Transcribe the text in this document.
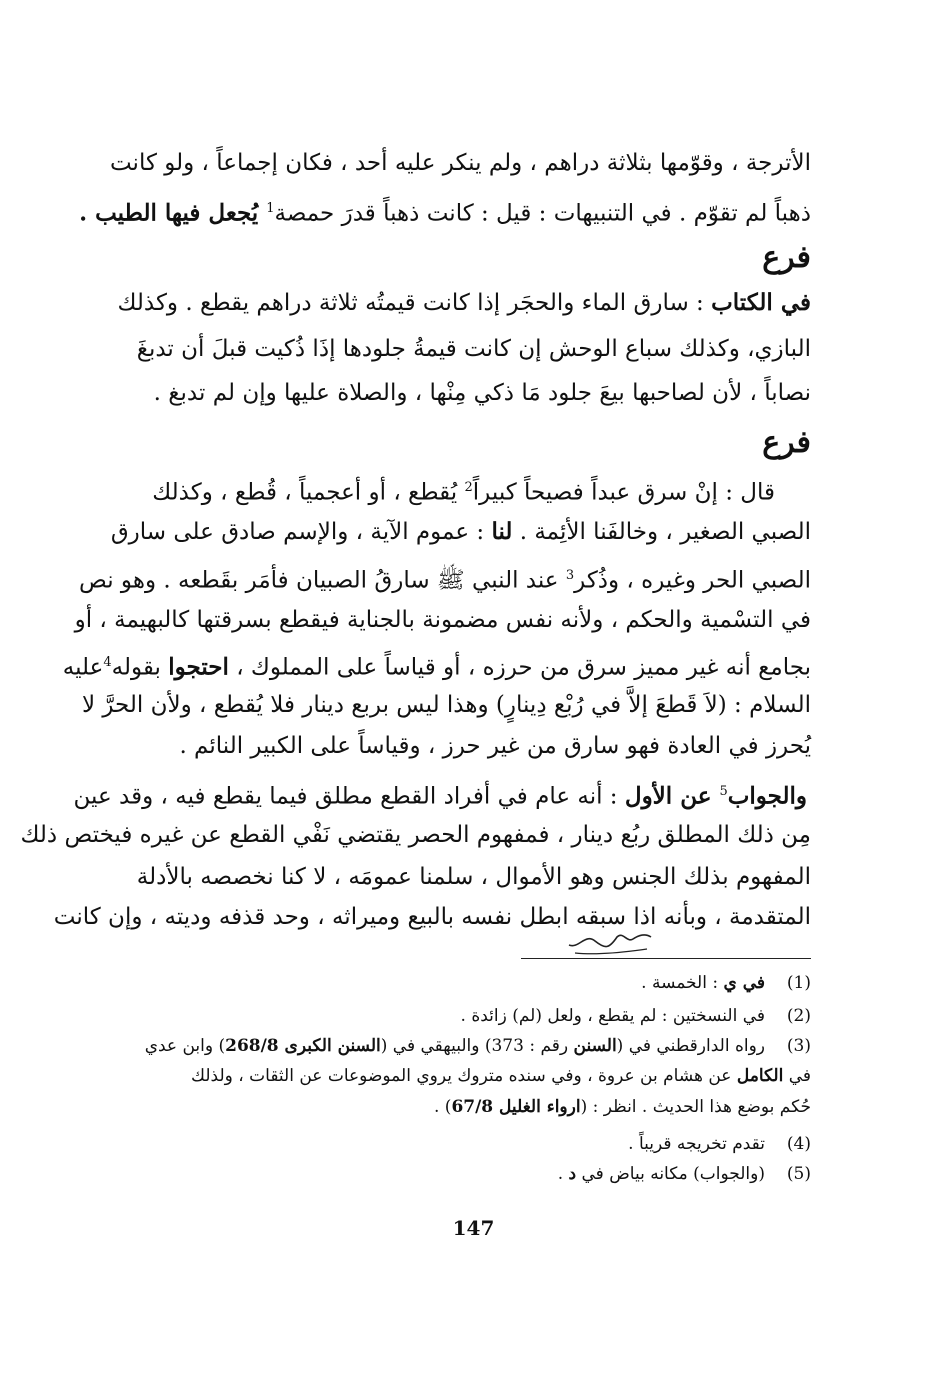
الأترجة ، وقوّمها بثلاثة دراهم ، ولم ينكر عليه أحد ، فكان إجماعاً ، ولو كانت
ذهباً لم تقوّم . في التنبيهات : قيل : كانت ذهباً قدرَ حمصة$^1$ يُجعل فيها الطيب .
فرع
في الكتاب : سارق الماء والحجَر إذا كانت قيمتُه ثلاثة دراهم يقطع . وكذلك
البازي، وكذلك سباع الوحش إن كانت قيمةُ جلودها إذَا ذُكيت قبلَ أن تدبغَ
نصاباً ، لأن لصاحبها بيعَ جلود مَا ذكي مِنْها ، والصلاة عليها وإن لم تدبغ .
فرع
قال : إنْ سرق عبداً فصيحاً كبيراً$^2$ يُقطع ، أو أعجمياً ، قُطع ، وكذلك
الصبي الصغير ، وخالفَنا الأئِمة . لنا : عموم الآية ، والإسم صادق على سارق
الصبي الحر وغيره ، وذُكر$^3$ عند النبي ﷺ سارقُ الصبيان فأمَر بقَطعه . وهو نص
في التسْمية والحكم ، ولأنه نفس مضمونة بالجناية فيقطع بسرقتها كالبهيمة ، أو
بجامع أنه غير مميز سرق من حرزه ، أو قياساً على المملوك ، احتجوا بقوله$^4$عليه
السلام : (لاَ قَطعَ إلاَّ في رُبْع دِينارٍ) وهذا ليس بربع دينار فلا يُقطع ، ولأن الحرَّ لا
يُحرز في العادة فهو سارق من غير حرز ، وقياساً على الكبير النائم .
والجواب$^5$ عن الأول : أنه عام في أفراد القطع مطلق فيما يقطع فيه ، وقد عين
مِن ذلك المطلق ربُع دينار ، فمفهوم الحصر يقتضي نَفْي القطع عن غيره فيختص ذلك
المفهوم بذلك الجنس وهو الأموال ، سلمنا عمومَه ، لا كنا نخصصه بالأدلة
المتقدمة ، وبأنه اذا سبقه ابطل نفسه بالبيع وميراثه ، وحد قذفه وديته ، وإن كانت
(1)
في ي : الخمسة .
(2)
في النسختين : لم يقطع ، ولعل (لم) زائدة .
(3)
رواه الدارقطني في (السنن رقم : 373) والبيهقي في (السنن الكبرى 268/8) وابن عدي
في الكامل عن هشام بن عروة ، وفي سنده متروك يروي الموضوعات عن الثقات ، ولذلك
حُكم بوضع هذا الحديث . انظر : (ارواء الغليل 67/8) .
(4)
تقدم تخريجه قريباً .
(5)
(والجواب) مكانه بياض في د .
147
